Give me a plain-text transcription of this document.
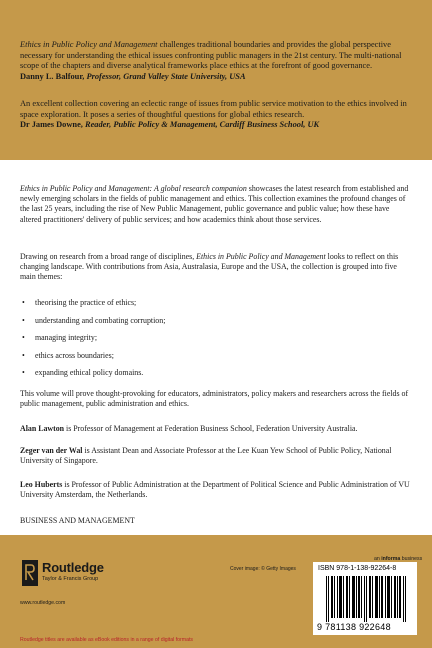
Ethics in Public Policy and Management challenges traditional boundaries and provides the global perspective necessary for understanding the ethical issues confronting public managers in the 21st century. The multi-national scope of the chapters and diverse analytical frameworks place ethics at the forefront of good governance.
Danny L. Balfour, Professor, Grand Valley State University, USA
An excellent collection covering an eclectic range of issues from public service motivation to the ethics involved in space exploration. It poses a series of thoughtful questions for global ethics research.
Dr James Downe, Reader, Public Policy & Management, Cardiff Business School, UK
Ethics in Public Policy and Management: A global research companion showcases the latest research from established and newly emerging scholars in the fields of public management and ethics. This collection examines the profound changes of the last 25 years, including the rise of New Public Management, public governance and public value; how these have altered practitioners' delivery of public services; and how academics think about those services.
Drawing on research from a broad range of disciplines, Ethics in Public Policy and Management looks to reflect on this changing landscape. With contributions from Asia, Australasia, Europe and the USA, the collection is grouped into five main themes:
• theorising the practice of ethics;
• understanding and combating corruption;
• managing integrity;
• ethics across boundaries;
• expanding ethical policy domains.
This volume will prove thought-provoking for educators, administrators, policy makers and researchers across the fields of public management, public administration and ethics.
Alan Lawton is Professor of Management at Federation Business School, Federation University Australia.
Zeger van der Wal is Assistant Dean and Associate Professor at the Lee Kuan Yew School of Public Policy, National University of Singapore.
Leo Huberts is Professor of Public Administration at the Department of Political Science and Public Administration of VU University Amsterdam, the Netherlands.
BUSINESS AND MANAGEMENT
Routledge
Taylor & Francis Group
www.routledge.com
Routledge titles are available as eBook editions in a range of digital formats
Cover image: © Getty Images
an informa business
ISBN 978-1-138-92264-8
9 781138 922648
